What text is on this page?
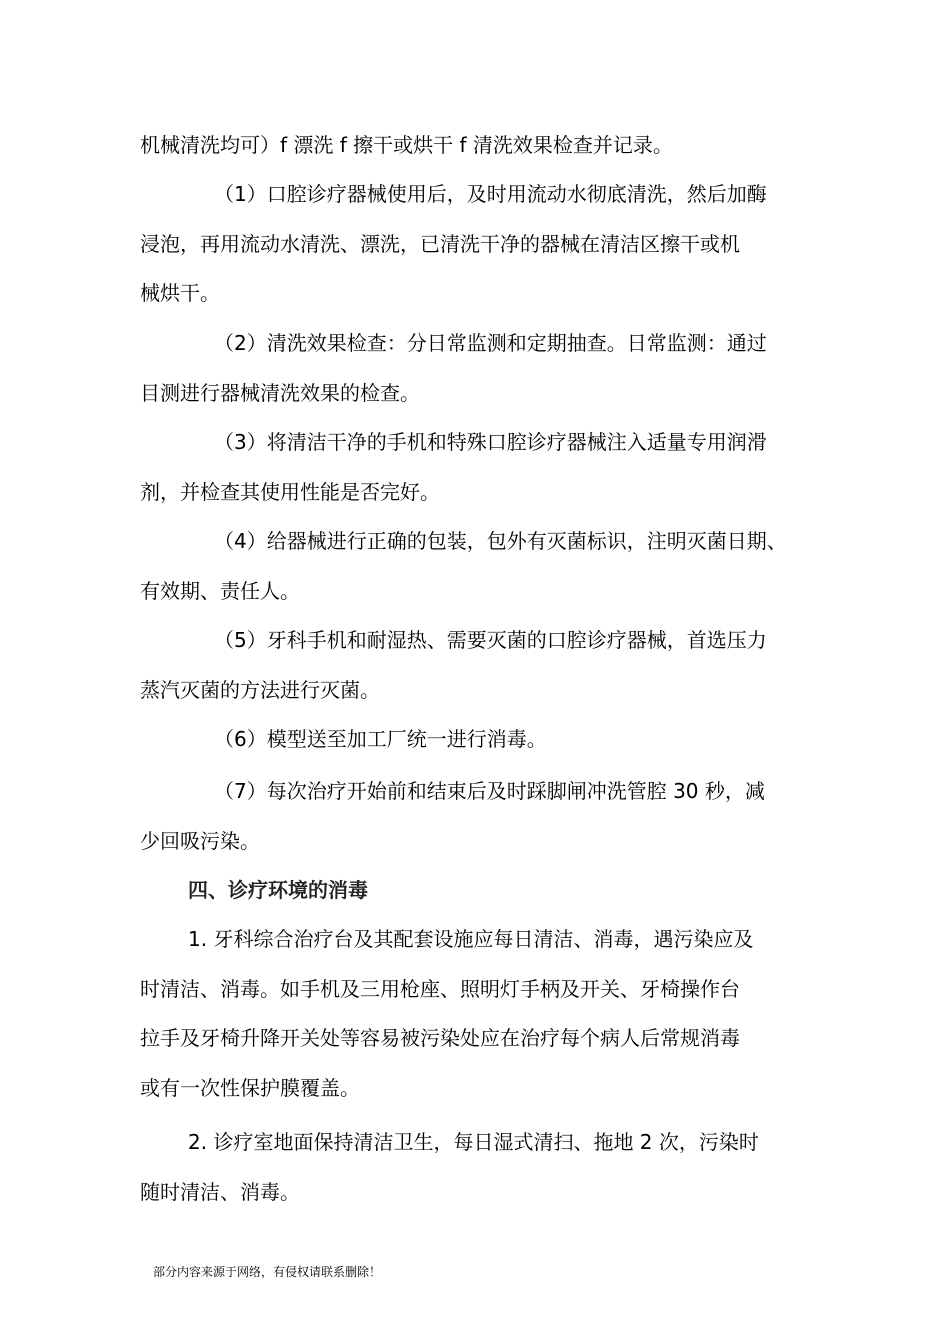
机械清洗均可）f 漂洗 f 擦干或烘干 f 清洗效果检查并记录。

（1）口腔诊疗器械使用后，及时用流动水彻底清洗，然后加酶
浸泡，再用流动水清洗、漂洗，已清洗干净的器械在清洁区擦干或机
械烘干。

（2）清洗效果检查：分日常监测和定期抽查。日常监测：通过
目测进行器械清洗效果的检查。

（3）将清洁干净的手机和特殊口腔诊疗器械注入适量专用润滑
剂，并检查其使用性能是否完好。

（4）给器械进行正确的包装，包外有灭菌标识，注明灭菌日期、
有效期、责任人。

（5）牙科手机和耐湿热、需要灭菌的口腔诊疗器械，首选压力
蒸汽灭菌的方法进行灭菌。

（6）模型送至加工厂统一进行消毒。

（7）每次治疗开始前和结束后及时踩脚闸冲洗管腔 30 秒，减
少回吸污染。

四、诊疗环境的消毒

1. 牙科综合治疗台及其配套设施应每日清洁、消毒，遇污染应及
时清洁、消毒。如手机及三用枪座、照明灯手柄及开关、牙椅操作台
拉手及牙椅升降开关处等容易被污染处应在治疗每个病人后常规消毒
或有一次性保护膜覆盖。

2. 诊疗室地面保持清洁卫生，每日湿式清扫、拖地 2 次，污染时
随时清洁、消毒。

部分内容来源于网络，有侵权请联系删除！
